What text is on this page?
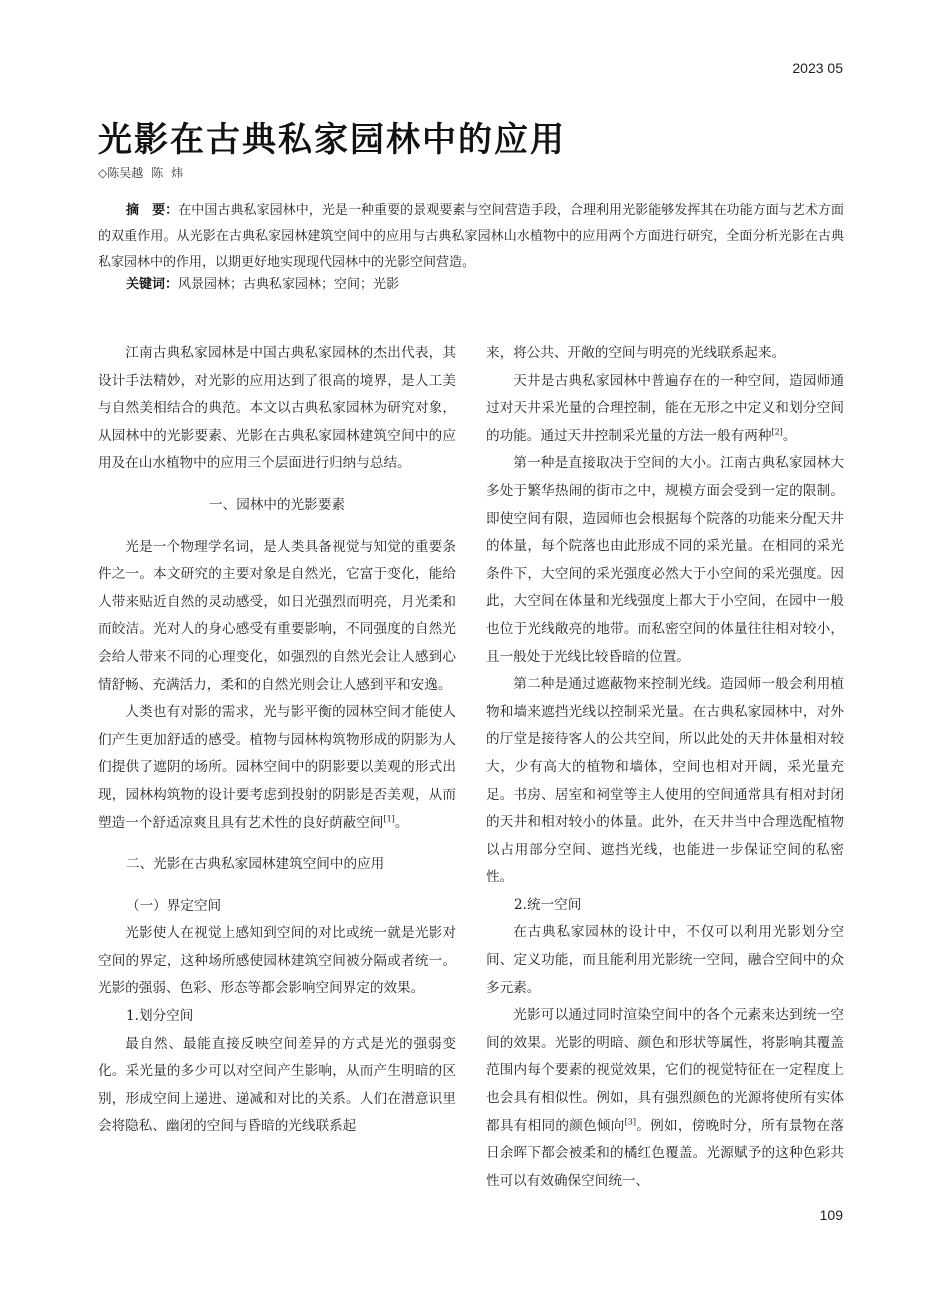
2023 05
光影在古典私家园林中的应用
◇陈吴越 陈 炜

摘　要：在中国古典私家园林中，光是一种重要的景观要素与空间营造手段，合理利用光影能够发挥其在功能方面与艺术方面的双重作用。从光影在古典私家园林建筑空间中的应用与古典私家园林山水植物中的应用两个方面进行研究，全面分析光影在古典私家园林中的作用，以期更好地实现现代园林中的光影空间营造。

关键词：风景园林；古典私家园林；空间；光影

江南古典私家园林是中国古典私家园林的杰出代表，其设计手法精妙，对光影的应用达到了很高的境界，是人工美与自然美相结合的典范。本文以古典私家园林为研究对象，从园林中的光影要素、光影在古典私家园林建筑空间中的应用及在山水植物中的应用三个层面进行归纳与总结。

一、园林中的光影要素

光是一个物理学名词，是人类具备视觉与知觉的重要条件之一。本文研究的主要对象是自然光，它富于变化，能给人带来贴近自然的灵动感受，如日光强烈而明亮，月光柔和而皎洁。光对人的身心感受有重要影响，不同强度的自然光会给人带来不同的心理变化，如强烈的自然光会让人感到心情舒畅、充满活力，柔和的自然光则会让人感到平和安逸。

人类也有对影的需求，光与影平衡的园林空间才能使人们产生更加舒适的感受。植物与园林构筑物形成的阴影为人们提供了遮阴的场所。园林空间中的阴影要以美观的形式出现，园林构筑物的设计要考虑到投射的阴影是否美观，从而塑造一个舒适凉爽且具有艺术性的良好荫蔽空间[1]。

二、光影在古典私家园林建筑空间中的应用
（一）界定空间

光影使人在视觉上感知到空间的对比或统一就是光影对空间的界定，这种场所感使园林建筑空间被分隔或者统一。光影的强弱、色彩、形态等都会影响空间界定的效果。

1.划分空间

最自然、最能直接反映空间差异的方式是光的强弱变化。采光量的多少可以对空间产生影响，从而产生明暗的区别，形成空间上递进、递减和对比的关系。人们在潜意识里会将隐私、幽闭的空间与昏暗的光线联系起

来，将公共、开敞的空间与明亮的光线联系起来。

天井是古典私家园林中普遍存在的一种空间，造园师通过对天井采光量的合理控制，能在无形之中定义和划分空间的功能。通过天井控制采光量的方法一般有两种[2]。

第一种是直接取决于空间的大小。江南古典私家园林大多处于繁华热闹的街市之中，规模方面会受到一定的限制。即使空间有限，造园师也会根据每个院落的功能来分配天井的体量，每个院落也由此形成不同的采光量。在相同的采光条件下，大空间的采光强度必然大于小空间的采光强度。因此，大空间在体量和光线强度上都大于小空间，在园中一般也位于光线敞亮的地带。而私密空间的体量往往相对较小，且一般处于光线比较昏暗的位置。

第二种是通过遮蔽物来控制光线。造园师一般会利用植物和墙来遮挡光线以控制采光量。在古典私家园林中，对外的厅堂是接待客人的公共空间，所以此处的天井体量相对较大，少有高大的植物和墙体，空间也相对开阔，采光量充足。书房、居室和祠堂等主人使用的空间通常具有相对封闭的天井和相对较小的体量。此外，在天井当中合理选配植物以占用部分空间、遮挡光线，也能进一步保证空间的私密性。

2.统一空间

在古典私家园林的设计中，不仅可以利用光影划分空间、定义功能，而且能利用光影统一空间，融合空间中的众多元素。

光影可以通过同时渲染空间中的各个元素来达到统一空间的效果。光影的明暗、颜色和形状等属性，将影响其覆盖范围内每个要素的视觉效果，它们的视觉特征在一定程度上也会具有相似性。例如，具有强烈颜色的光源将使所有实体都具有相同的颜色倾向[3]。例如，傍晚时分，所有景物在落日余晖下都会被柔和的橘红色覆盖。光源赋予的这种色彩共性可以有效确保空间统一、

109
